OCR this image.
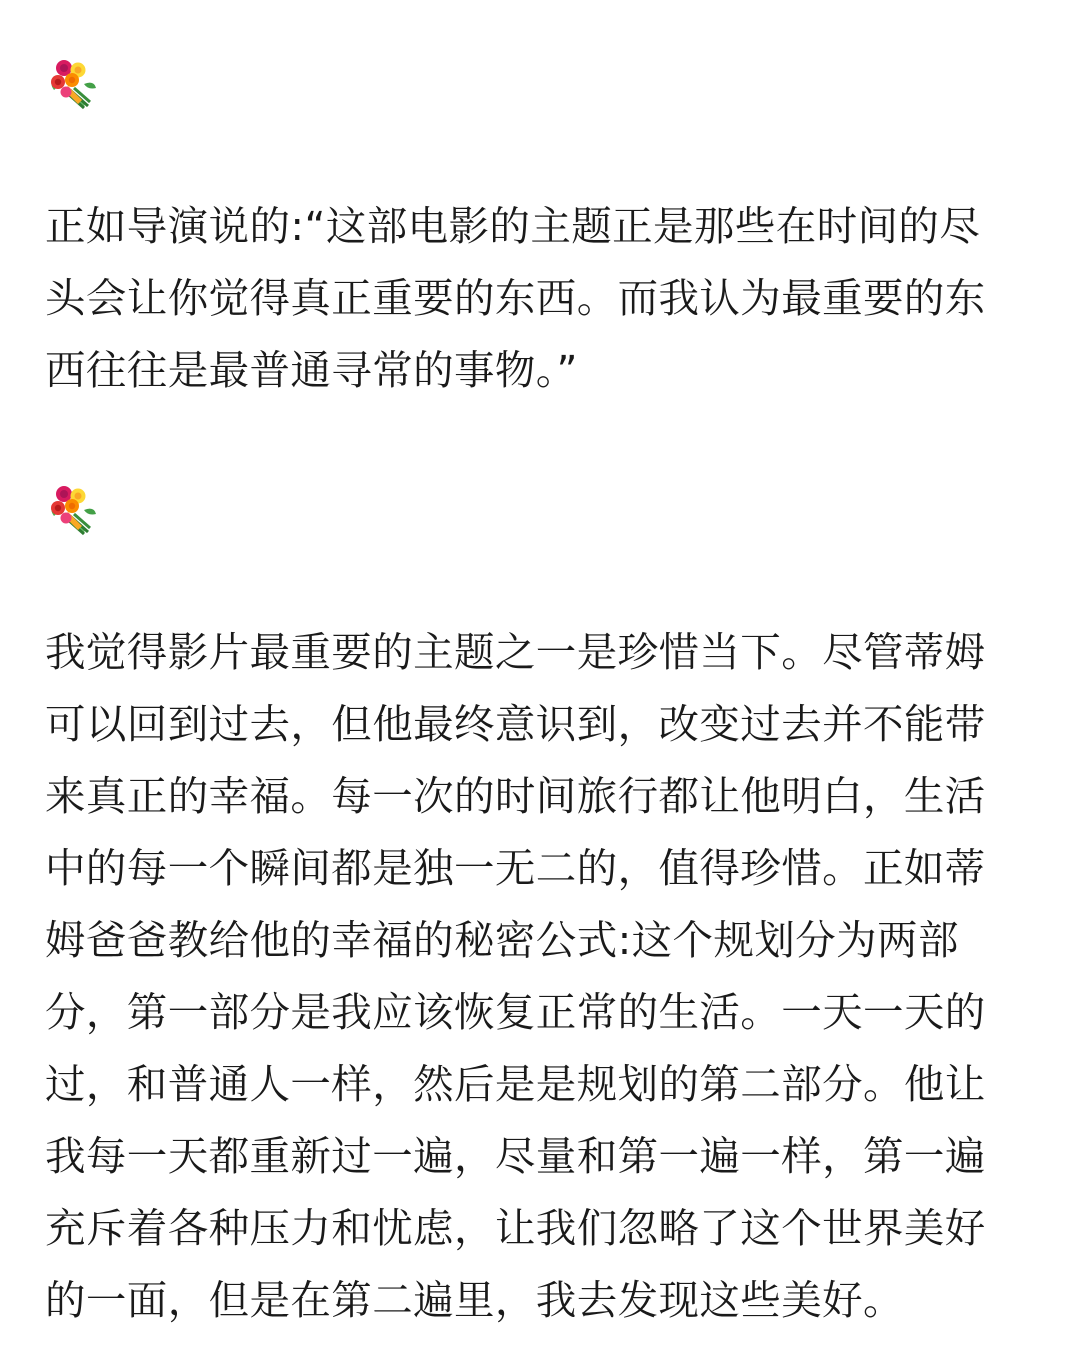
正如导演说的:“这部电影的主题正是那些在时间的尽
头会让你觉得真正重要的东西。而我认为最重要的东
西往往是最普通寻常的事物。”

我觉得影片最重要的主题之一是珍惜当下。尽管蒂姆
可以回到过去，但他最终意识到，改变过去并不能带
来真正的幸福。每一次的时间旅行都让他明白，生活
中的每一个瞬间都是独一无二的，值得珍惜。正如蒂
姆爸爸教给他的幸福的秘密公式:这个规划分为两部
分，第一部分是我应该恢复正常的生活。一天一天的
过，和普通人一样，然后是是规划的第二部分。他让
我每一天都重新过一遍，尽量和第一遍一样，第一遍
充斥着各种压力和忧虑，让我们忽略了这个世界美好
的一面，但是在第二遍里，我去发现这些美好。
